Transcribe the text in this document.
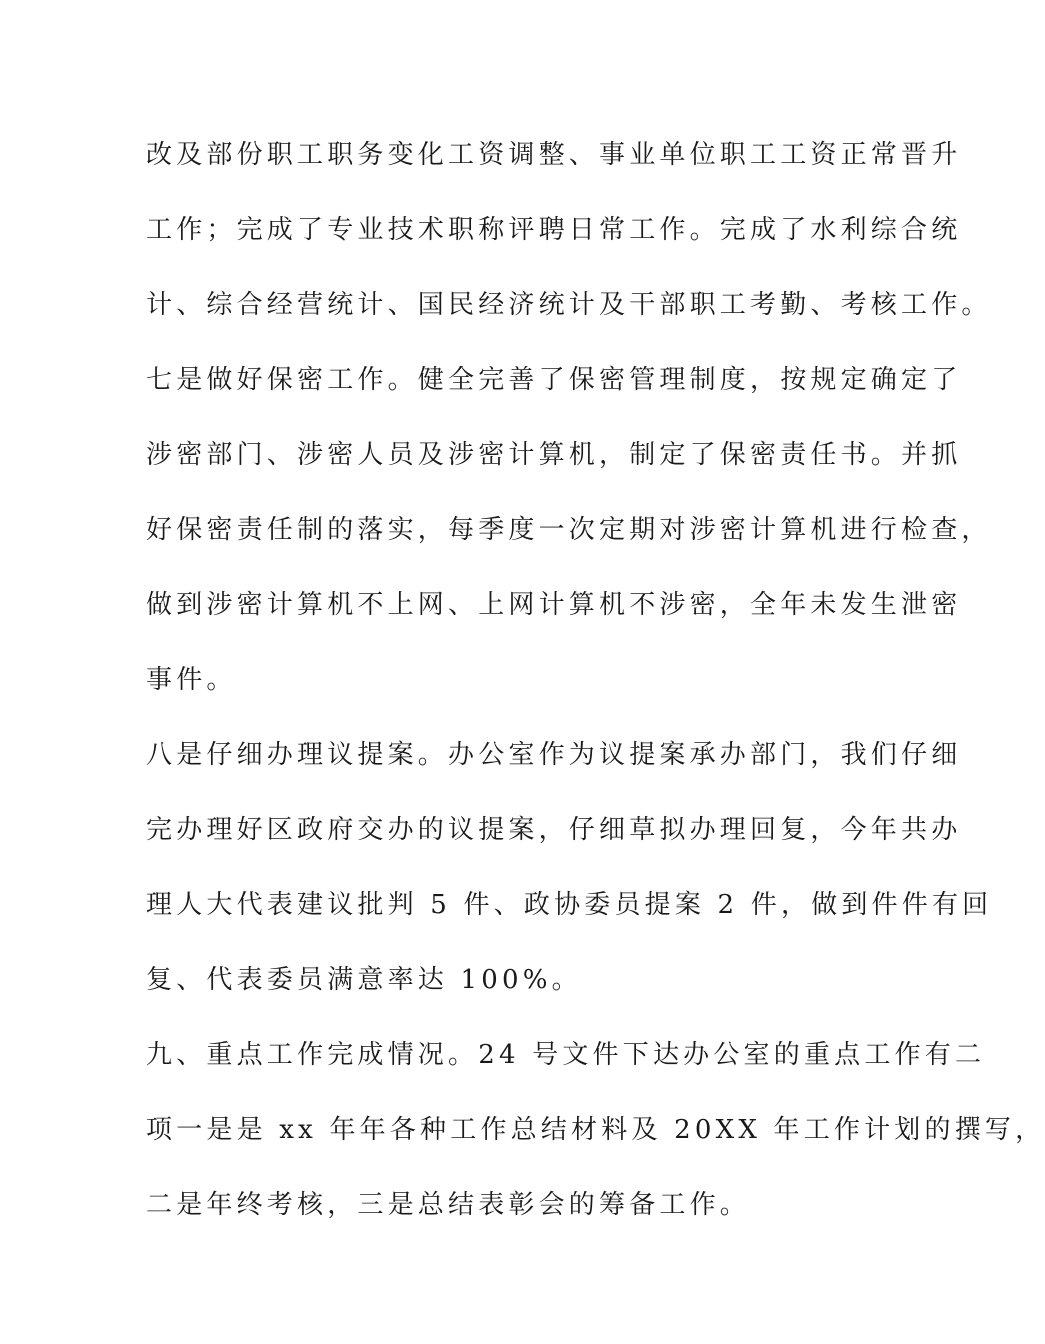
改及部份职工职务变化工资调整、事业单位职工工资正常晋升
工作；完成了专业技术职称评聘日常工作。完成了水利综合统
计、综合经营统计、国民经济统计及干部职工考勤、考核工作。
七是做好保密工作。健全完善了保密管理制度，按规定确定了
涉密部门、涉密人员及涉密计算机，制定了保密责任书。并抓
好保密责任制的落实，每季度一次定期对涉密计算机进行检查，
做到涉密计算机不上网、上网计算机不涉密，全年未发生泄密
事件。
八是仔细办理议提案。办公室作为议提案承办部门，我们仔细
完办理好区政府交办的议提案，仔细草拟办理回复，今年共办
理人大代表建议批判 5 件、政协委员提案 2 件，做到件件有回
复、代表委员满意率达 100%。
九、重点工作完成情况。24 号文件下达办公室的重点工作有二
项一是是 xx 年年各种工作总结材料及 20XX 年工作计划的撰写，
二是年终考核，三是总结表彰会的筹备工作。
